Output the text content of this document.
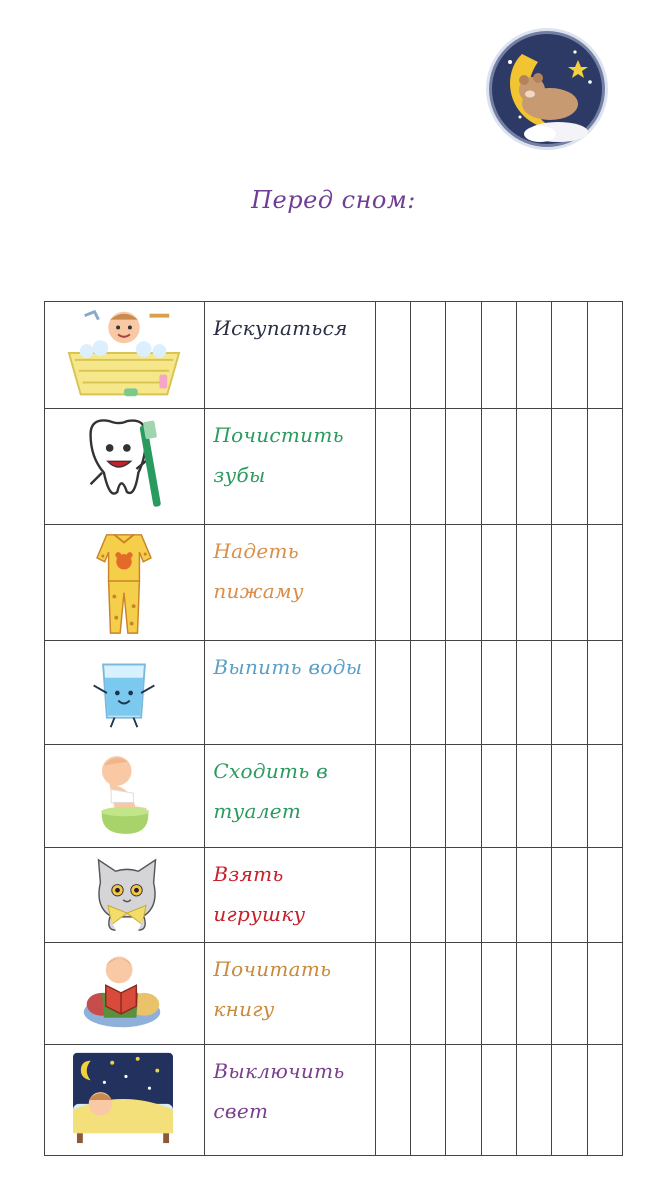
Перед сном:

Искупаться							

Почистить зубы							

Надеть пижаму							

Выпить воды							

Сходить в туалет							

Взять игрушку							

Почитать книгу							

Выключить свет							
